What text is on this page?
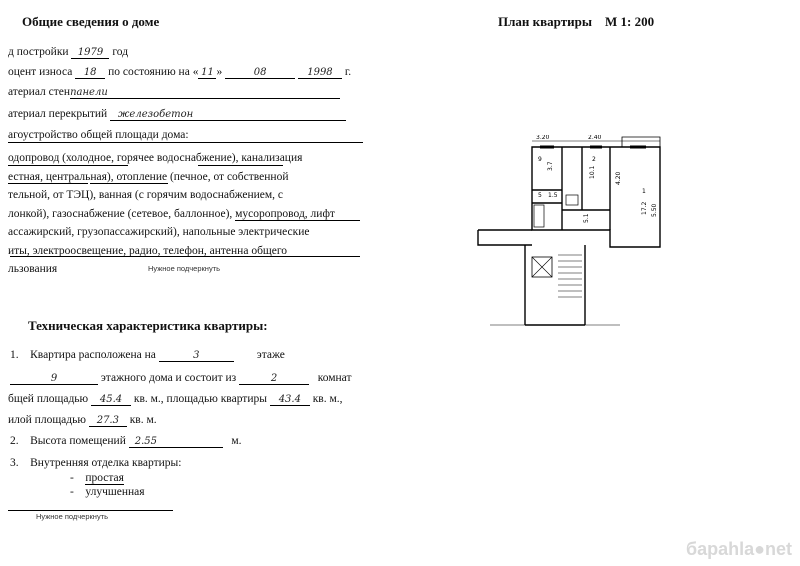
Общие сведения о доме	План квартиры М 1: 200
д постройки 1979 год
оцент износа 18 по состоянию на « 11 »	08	1998 г.
атериал стенпанели
атериал перекрытий железобетон
агоустройство общей площади дома:
одопровод (холодное, горячее водоснабжение), канализация
естная, центральная), отопление (печное, от собственной
тельной, от ТЭЦ), ванная (с горячим водоснабжением, с
лонкой), газоснабжение (сетевое, баллонное), мусоропровод, лифт
ассажирский, грузопассажирский), напольные электрические
иты, электроосвещение, радио, телефон, антенна общего
льзования	Нужное подчеркнуть
Техническая характеристика квартиры:
1. Квартира расположена на	3	этаже
9	этажного дома и состоит из	2	комнат
бщей площадью 45.4 кв. м., площадью квартиры 43.4 кв. м.,
илой площадью 27.3 кв. м.
2. Высота помещений 2.55	м.
3. Внутренняя отделка квартиры:
- простая
- улучшенная
Нужное подчеркнуть
3.20	2.40
9
3.7
2
10.1
1
17.2
4.20
5.50
5.1
5 1.5
бараhla●net
